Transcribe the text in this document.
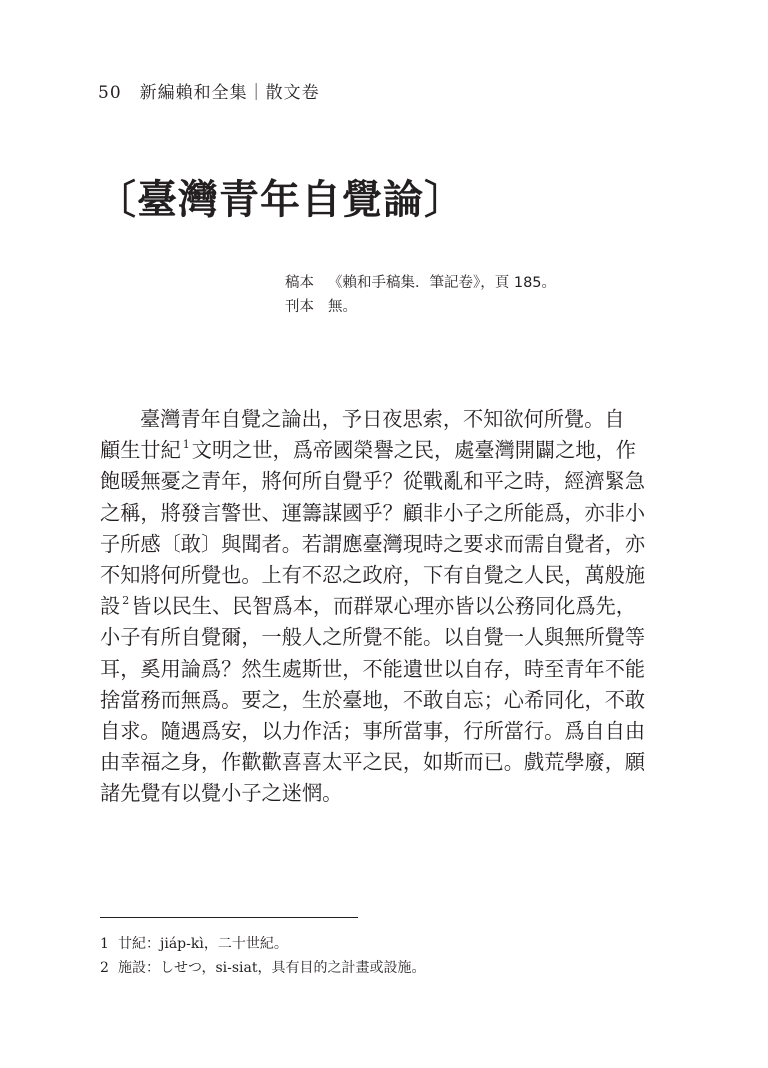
50 新編賴和全集｜散文卷
〔臺灣青年自覺論〕
稿本 《賴和手稿集．筆記卷》，頁 185。
刊本 無。
臺灣青年自覺之論出，予日夜思索，不知欲何所覺。自
顧生廿紀 $^1$文明之世，爲帝國榮譽之民，處臺灣開闢之地，作
飽暖無憂之青年，將何所自覺乎？從戰亂和平之時，經濟緊急
之稱，將發言警世、運籌謀國乎？顧非小子之所能爲，亦非小
子所感〔敢〕與聞者。若謂應臺灣現時之要求而需自覺者，亦
不知將何所覺也。上有不忍之政府，下有自覺之人民，萬般施
設 $^2$皆以民生、民智爲本，而群眾心理亦皆以公務同化爲先，
小子有所自覺爾，一般人之所覺不能。以自覺一人與無所覺等
耳，奚用論爲？然生處斯世，不能遺世以自存，時至青年不能
捨當務而無爲。要之，生於臺地，不敢自忘；心希同化，不敢
自求。隨遇爲安，以力作活；事所當事，行所當行。爲自自由
由幸福之身，作歡歡喜喜太平之民，如斯而已。戲荒學廢，願
諸先覺有以覺小子之迷惘。
1 廿紀：jiáp-kì，二十世紀。
2 施設：しせつ，si-siat，具有目的之計畫或設施。
